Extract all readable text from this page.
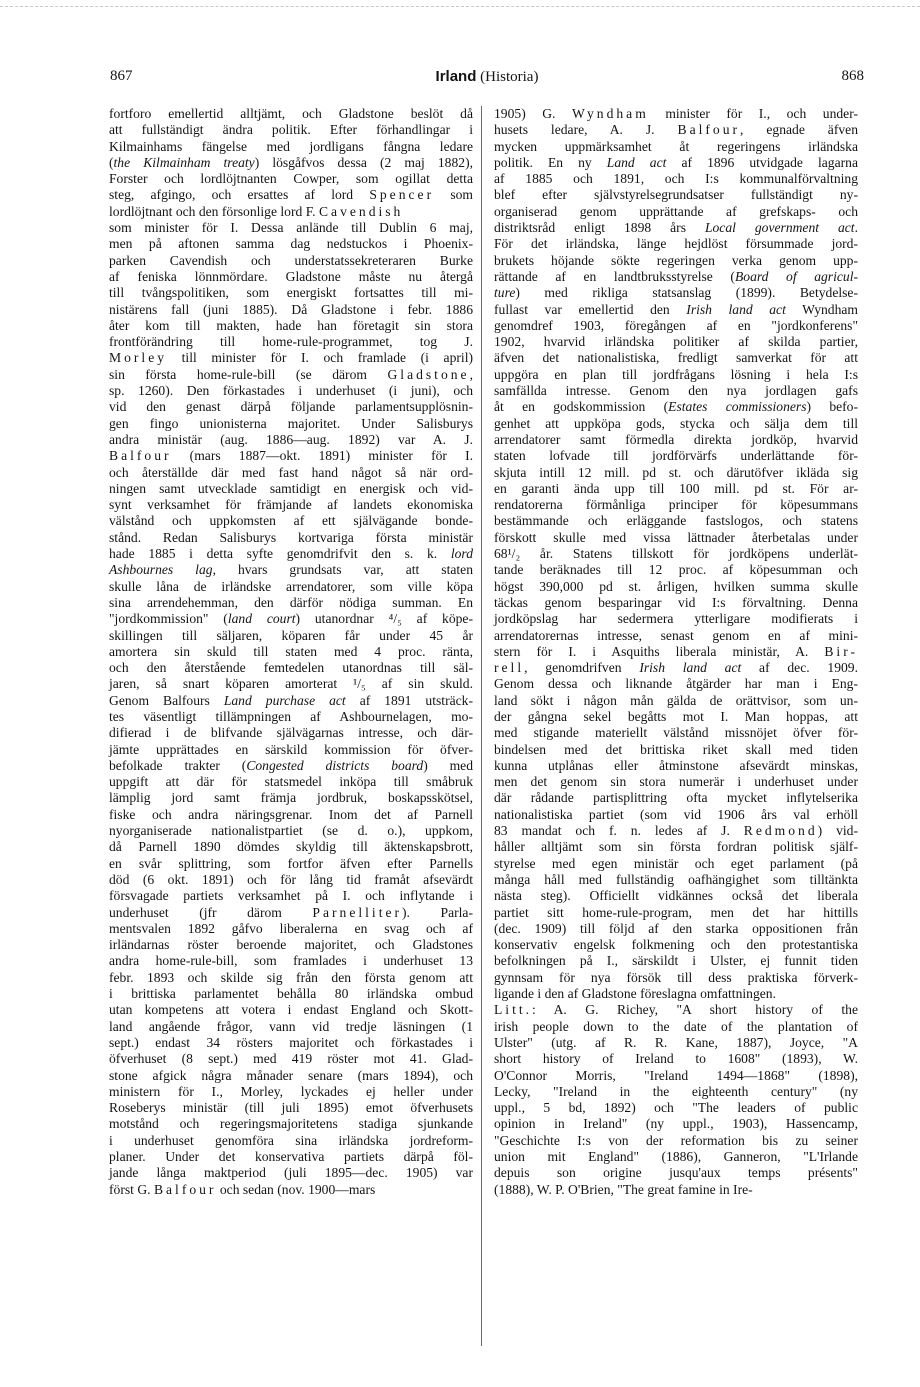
867	Irland (Historia)	868
fortforo emellertid alltjämt, och Gladstone beslöt då
att fullständigt ändra politik. Efter förhandlingar i
Kilmainhams fängelse med jordligans fångna ledare
(the Kilmainham treaty) lösgåfvos dessa (2 maj 1882),
Forster och lordlöjtnanten Cowper, som ogillat detta
steg, afgingo, och ersattes af lord Spencer som
lordlöjtnant och den försonlige lord F. Cavendish
som minister för I. Dessa anlände till Dublin 6 maj,
men på aftonen samma dag nedstuckos i Phoenix-
parken Cavendish och understatssekreteraren Burke
af feniska lönnmördare. Gladstone måste nu återgå
till tvångspolitiken, som energiskt fortsattes till mi-
nistärens fall (juni 1885). Då Gladstone i febr. 1886
åter kom till makten, hade han företagit sin stora
frontförändring till home-rule-programmet, tog J.
Morley till minister för I. och framlade (i april)
sin första home-rule-bill (se därom Gladstone,
sp. 1260). Den förkastades i underhuset (i juni), och
vid den genast därpå följande parlamentsupplösnin-
gen fingo unionisterna majoritet. Under Salisburys
andra ministär (aug. 1886—aug. 1892) var A. J.
Balfour (mars 1887—okt. 1891) minister för I.
och återställde där med fast hand något så när ord-
ningen samt utvecklade samtidigt en energisk och vid-
synt verksamhet för främjande af landets ekonomiska
välstånd och uppkomsten af ett självägande bonde-
stånd. Redan Salisburys kortvariga första ministär
hade 1885 i detta syfte genomdrifvit den s. k. lord
Ashbournes lag, hvars grundsats var, att staten
skulle låna de irländske arrendatorer, som ville köpa
sina arrendehemman, den därför nödiga summan. En
"jordkommission" (land court) utanordnar ⁴/₅ af köpe-
skillingen till säljaren, köparen får under 45 år
amortera sin skuld till staten med 4 proc. ränta,
och den återstående femtedelen utanordnas till säl-
jaren, så snart köparen amorterat ¹/₅ af sin skuld.
Genom Balfours Land purchase act af 1891 utsträck-
tes väsentligt tillämpningen af Ashbournelagen, mo-
difierad i de blifvande självägarnas intresse, och där-
jämte upprättades en särskild kommission för öfver-
befolkade trakter (Congested districts board) med
uppgift att där för statsmedel inköpa till småbruk
lämplig jord samt främja jordbruk, boskapsskötsel,
fiske och andra näringsgrenar. Inom det af Parnell
nyorganiserade nationalistpartiet (se d. o.), uppkom,
då Parnell 1890 dömdes skyldig till äktenskapsbrott,
en svår splittring, som fortfor äfven efter Parnells
död (6 okt. 1891) och för lång tid framåt afsevärdt
försvagade partiets verksamhet på I. och inflytande i
underhuset (jfr därom Parnelliter). Parla-
mentsvalen 1892 gåfvo liberalerna en svag och af
irländarnas röster beroende majoritet, och Gladstones
andra home-rule-bill, som framlades i underhuset 13
febr. 1893 och skilde sig från den första genom att
i brittiska parlamentet behålla 80 irländska ombud
utan kompetens att votera i endast England och Skott-
land angående frågor, vann vid tredje läsningen (1
sept.) endast 34 rösters majoritet och förkastades i
öfverhuset (8 sept.) med 419 röster mot 41. Glad-
stone afgick några månader senare (mars 1894), och
ministern för I., Morley, lyckades ej heller under
Roseberys ministär (till juli 1895) emot öfverhusets
motstånd och regeringsmajoritetens stadiga sjunkande
i underhuset genomföra sina irländska jordreform-
planer. Under det konservativa partiets därpå föl-
jande långa maktperiod (juli 1895—dec. 1905) var
först G. Balfour och sedan (nov. 1900—mars
1905) G. Wyndham minister för I., och under-
husets ledare, A. J. Balfour, egnade äfven
mycken uppmärksamhet åt regeringens irländska
politik. En ny Land act af 1896 utvidgade lagarna
af 1885 och 1891, och I:s kommunalförvaltning
blef efter självstyrelsegrundsatser fullständigt ny-
organiserad genom upprättande af grefskaps- och
distriktsråd enligt 1898 års Local government act.
För det irländska, länge hejdlöst försummade jord-
brukets höjande sökte regeringen verka genom upp-
rättande af en landtbruksstyrelse (Board of agricul-
ture) med rikliga statsanslag (1899). Betydelse-
fullast var emellertid den Irish land act Wyndham
genomdref 1903, föregången af en "jordkonferens"
1902, hvarvid irländska politiker af skilda partier,
äfven det nationalistiska, fredligt samverkat för att
uppgöra en plan till jordfrågans lösning i hela I:s
samfällda intresse. Genom den nya jordlagen gafs
åt en godskommission (Estates commissioners) befo-
genhet att uppköpa gods, stycka och sälja dem till
arrendatorer samt förmedla direkta jordköp, hvarvid
staten lofvade till jordförvärfs underlättande för-
skjuta intill 12 mill. pd st. och därutöfver iklädа sig
en garanti ända upp till 100 mill. pd st. För ar-
rendatorerna förmånliga principer för köpesummans
bestämmande och erläggande fastslogos, och statens
förskott skulle med vissa lättnader återbetalas under
68¹/₂ år. Statens tillskott för jordköpens underlät-
tande beräknades till 12 proc. af köpesumman och
högst 390,000 pd st. årligen, hvilken summa skulle
täckas genom besparingar vid I:s förvaltning. Denna
jordköpslag har sedermera ytterligare modifierats i
arrendatorernas intresse, senast genom en af mini-
stern för I. i Asquiths liberala ministär, A. Bir-
rell, genomdrifven Irish land act af dec. 1909.
Genom dessa och liknande åtgärder har man i Eng-
land sökt i någon mån gälda de orättvisor, som un-
der gångna sekel begåtts mot I. Man hoppas, att
med stigande materiellt välstånd missnöjet öfver för-
bindelsen med det brittiska riket skall med tiden
kunna utplånas eller åtminstone afsevärdt minskas,
men det genom sin stora numerär i underhuset under
där rådande partisplittring ofta mycket inflytelserika
nationalistiska partiet (som vid 1906 års val erhöll
83 mandat och f. n. ledes af J. Redmond) vid-
håller alltjämt som sin första fordran politisk själf-
styrelse med egen ministär och eget parlament (på
många håll med fullständig oafhängighet som tilltänkta
nästa steg). Officiellt vidkännes också det liberala
partiet sitt home-rule-program, men det har hittills
(dec. 1909) till följd af den starka oppositionen från
konservativ engelsk folkmening och den protestantiska
befolkningen på I., särskildt i Ulster, ej funnit tiden
gynnsam för nya försök till dess praktiska förverk-
ligande i den af Gladstone föreslagna omfattningen.
Litt.: A. G. Richey, "A short history of the
irish people down to the date of the plantation of
Ulster" (utg. af R. R. Kane, 1887), Joyce, "A
short history of Ireland to 1608" (1893), W.
O'Connor Morris, "Ireland 1494—1868" (1898),
Lecky, "Ireland in the eighteenth century" (ny
uppl., 5 bd, 1892) och "The leaders of public
opinion in Ireland" (ny uppl., 1903), Hassencamp,
"Geschichte I:s von der reformation bis zu seiner
union mit England" (1886), Ganneron, "L'Irlande
depuis son origine jusqu'aux temps présents"
(1888), W. P. O'Brien, "The great famine in Ire-
